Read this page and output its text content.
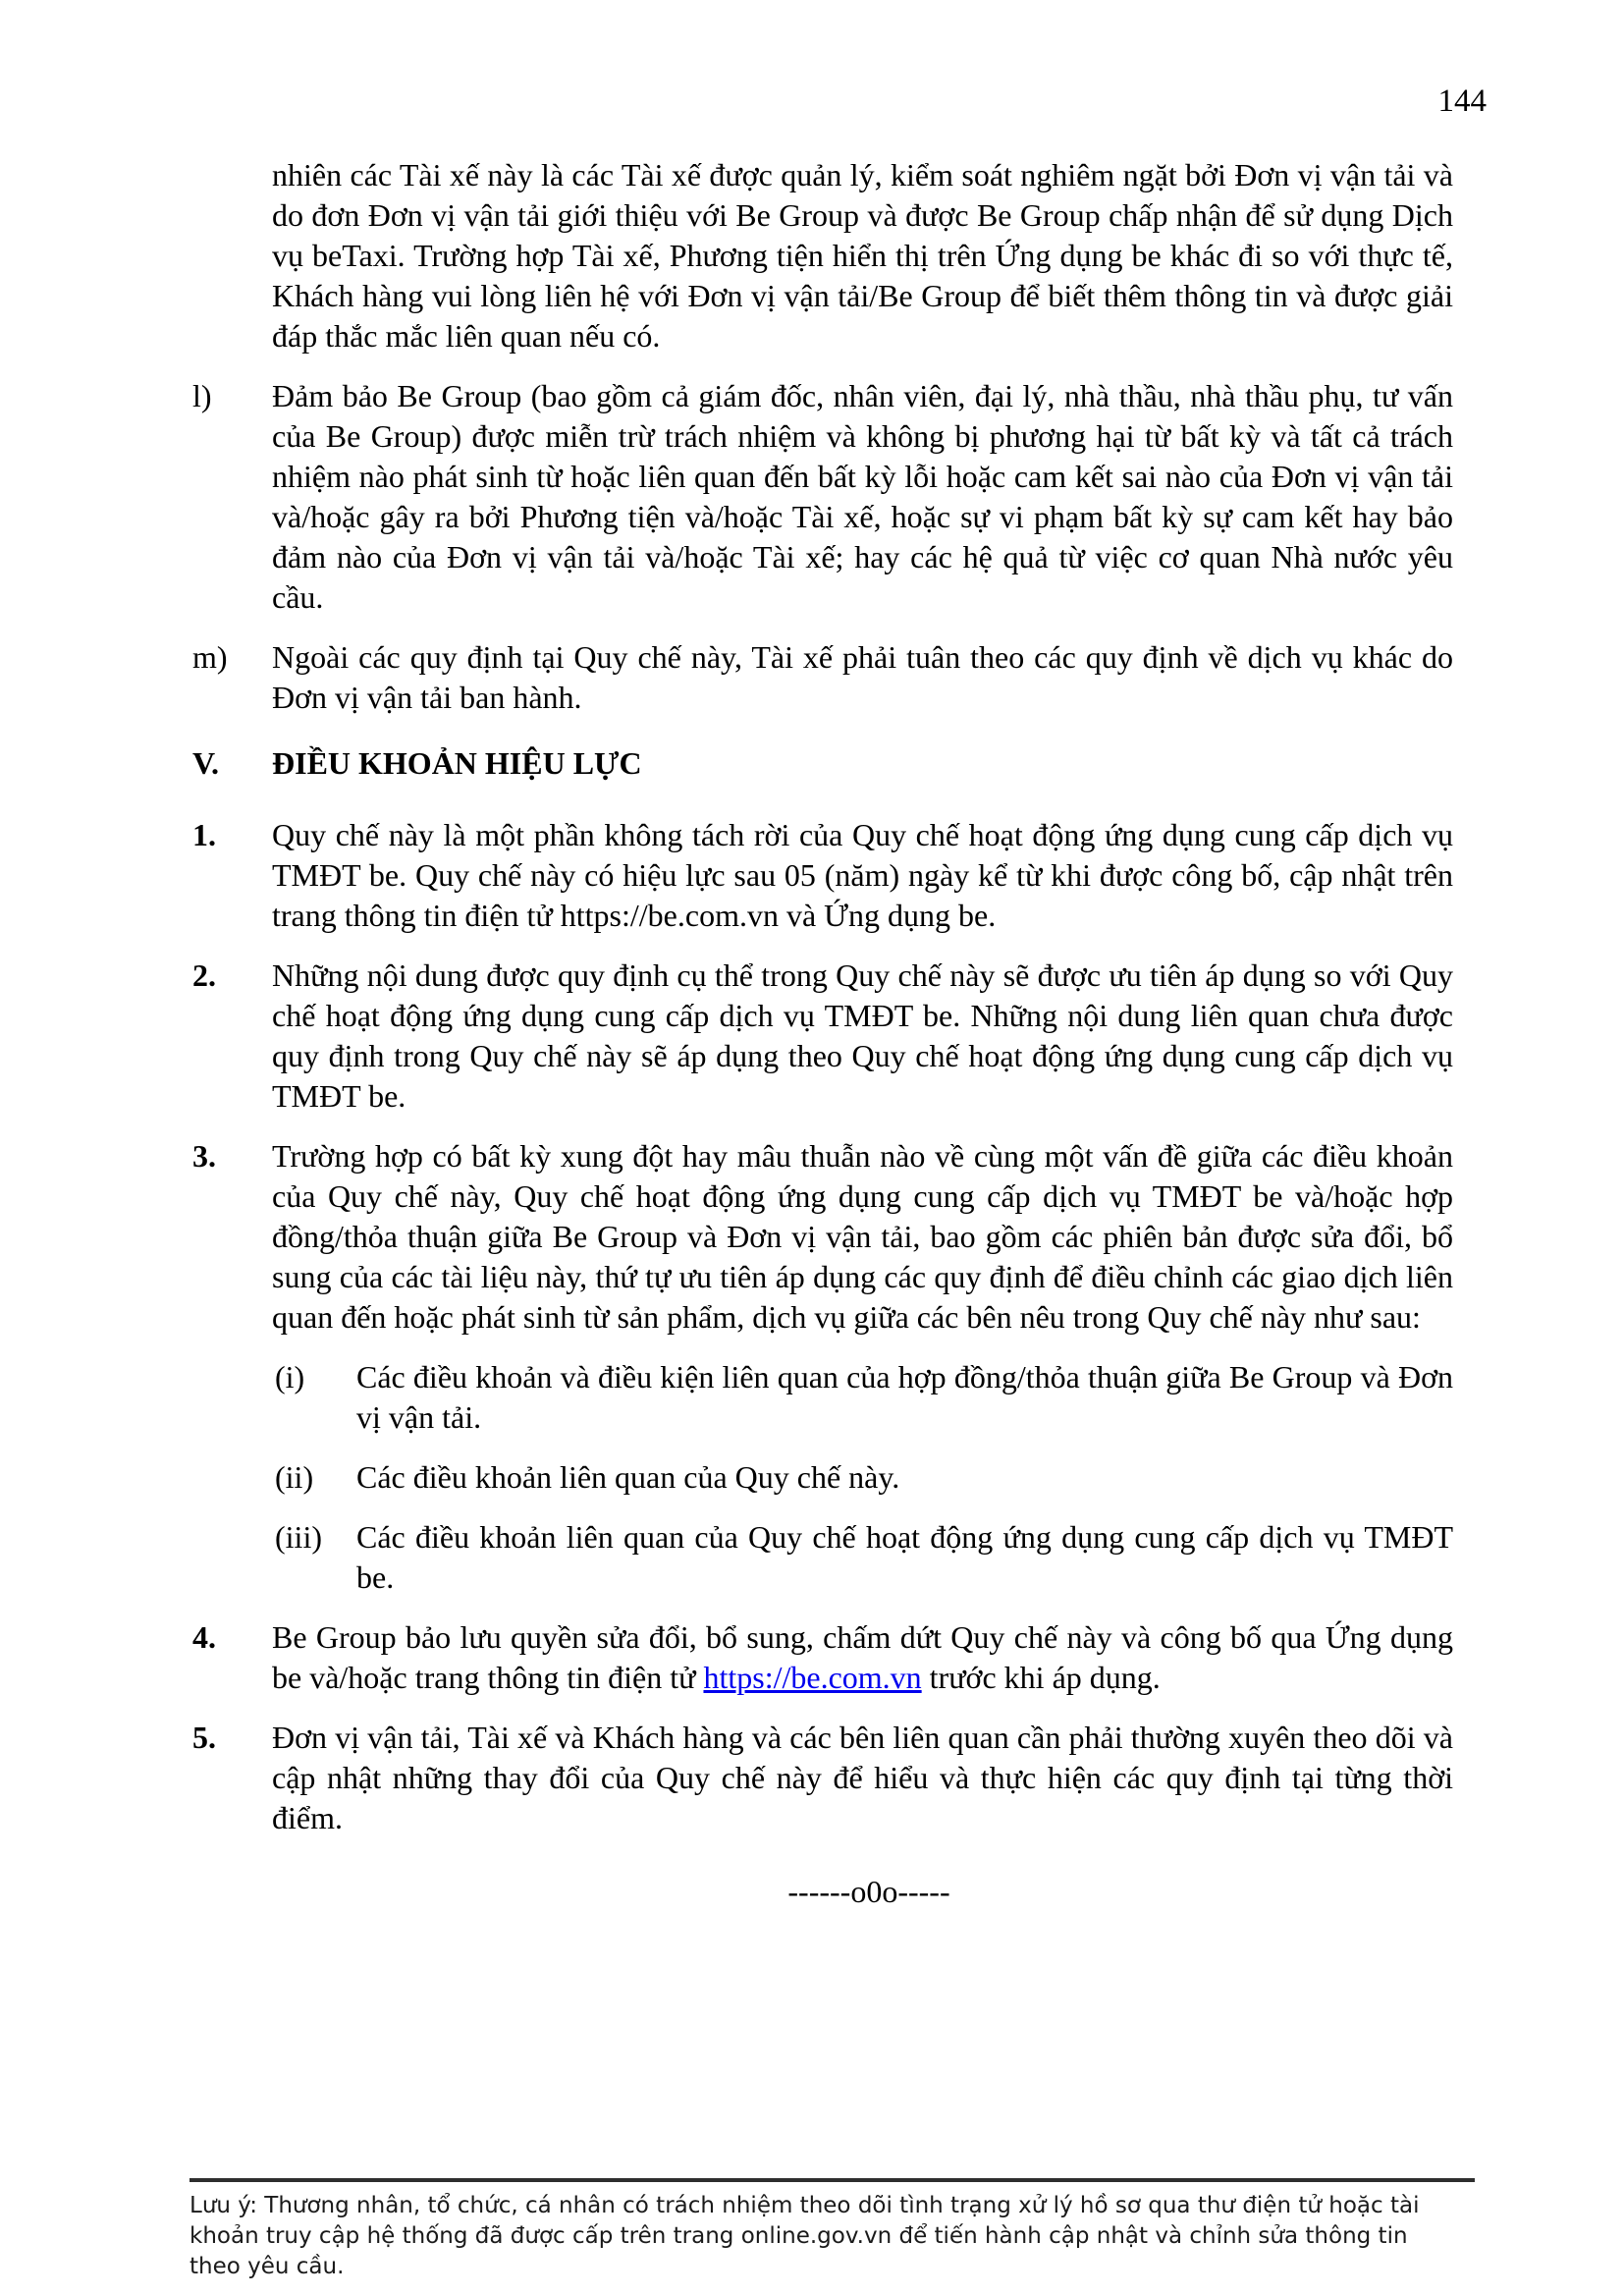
144
nhiên các Tài xế này là các Tài xế được quản lý, kiểm soát nghiêm ngặt bởi Đơn vị vận tải và do đơn Đơn vị vận tải giới thiệu với Be Group và được Be Group chấp nhận để sử dụng Dịch vụ beTaxi. Trường hợp Tài xế, Phương tiện hiển thị trên Ứng dụng be khác đi so với thực tế, Khách hàng vui lòng liên hệ với Đơn vị vận tải/Be Group để biết thêm thông tin và được giải đáp thắc mắc liên quan nếu có.
l)	Đảm bảo Be Group (bao gồm cả giám đốc, nhân viên, đại lý, nhà thầu, nhà thầu phụ, tư vấn của Be Group) được miễn trừ trách nhiệm và không bị phương hại từ bất kỳ và tất cả trách nhiệm nào phát sinh từ hoặc liên quan đến bất kỳ lỗi hoặc cam kết sai nào của Đơn vị vận tải và/hoặc gây ra bởi Phương tiện và/hoặc Tài xế, hoặc sự vi phạm bất kỳ sự cam kết hay bảo đảm nào của Đơn vị vận tải và/hoặc Tài xế; hay các hệ quả từ việc cơ quan Nhà nước yêu cầu.
m)	Ngoài các quy định tại Quy chế này, Tài xế phải tuân theo các quy định về dịch vụ khác do Đơn vị vận tải ban hành.
V.	ĐIỀU KHOẢN HIỆU LỰC
1.	Quy chế này là một phần không tách rời của Quy chế hoạt động ứng dụng cung cấp dịch vụ TMĐT be. Quy chế này có hiệu lực sau 05 (năm) ngày kể từ khi được công bố, cập nhật trên trang thông tin điện tử https://be.com.vn và Ứng dụng be.
2.	Những nội dung được quy định cụ thể trong Quy chế này sẽ được ưu tiên áp dụng so với Quy chế hoạt động ứng dụng cung cấp dịch vụ TMĐT be. Những nội dung liên quan chưa được quy định trong Quy chế này sẽ áp dụng theo Quy chế hoạt động ứng dụng cung cấp dịch vụ TMĐT be.
3.	Trường hợp có bất kỳ xung đột hay mâu thuẫn nào về cùng một vấn đề giữa các điều khoản của Quy chế này, Quy chế hoạt động ứng dụng cung cấp dịch vụ TMĐT be và/hoặc hợp đồng/thỏa thuận giữa Be Group và Đơn vị vận tải, bao gồm các phiên bản được sửa đổi, bổ sung của các tài liệu này, thứ tự ưu tiên áp dụng các quy định để điều chỉnh các giao dịch liên quan đến hoặc phát sinh từ sản phẩm, dịch vụ giữa các bên nêu trong Quy chế này như sau:
(i)	Các điều khoản và điều kiện liên quan của hợp đồng/thỏa thuận giữa Be Group và Đơn vị vận tải.
(ii)	Các điều khoản liên quan của Quy chế này.
(iii)	Các điều khoản liên quan của Quy chế hoạt động ứng dụng cung cấp dịch vụ TMĐT be.
4.	Be Group bảo lưu quyền sửa đổi, bổ sung, chấm dứt Quy chế này và công bố qua Ứng dụng be và/hoặc trang thông tin điện tử https://be.com.vn trước khi áp dụng.
5.	Đơn vị vận tải, Tài xế và Khách hàng và các bên liên quan cần phải thường xuyên theo dõi và cập nhật những thay đổi của Quy chế này để hiểu và thực hiện các quy định tại từng thời điểm.
------o0o-----
Lưu ý: Thương nhân, tổ chức, cá nhân có trách nhiệm theo dõi tình trạng xử lý hồ sơ qua thư điện tử hoặc tài khoản truy cập hệ thống đã được cấp trên trang online.gov.vn để tiến hành cập nhật và chỉnh sửa thông tin theo yêu cầu.
